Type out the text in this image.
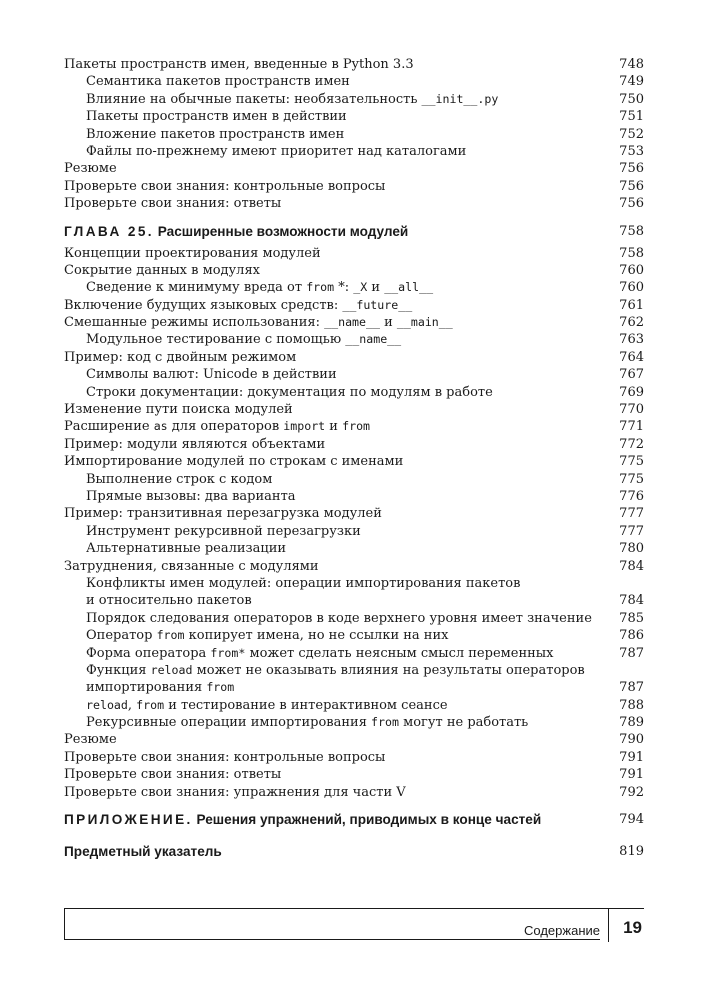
Пакеты пространств имен, введенные в Python 3.3	748
Семантика пакетов пространств имен	749
Влияние на обычные пакеты: необязательность __init__.py	750
Пакеты пространств имен в действии	751
Вложение пакетов пространств имен	752
Файлы по-прежнему имеют приоритет над каталогами	753
Резюме	756
Проверьте свои знания: контрольные вопросы	756
Проверьте свои знания: ответы	756
ГЛАВА 25. Расширенные возможности модулей	758
Концепции проектирования модулей	758
Сокрытие данных в модулях	760
Сведение к минимуму вреда от from *: _X и __all__	760
Включение будущих языковых средств: __future__	761
Смешанные режимы использования: __name__ и __main__	762
Модульное тестирование с помощью __name__	763
Пример: код с двойным режимом	764
Символы валют: Unicode в действии	767
Строки документации: документация по модулям в работе	769
Изменение пути поиска модулей	770
Расширение as для операторов import и from	771
Пример: модули являются объектами	772
Импортирование модулей по строкам с именами	775
Выполнение строк с кодом	775
Прямые вызовы: два варианта	776
Пример: транзитивная перезагрузка модулей	777
Инструмент рекурсивной перезагрузки	777
Альтернативные реализации	780
Затруднения, связанные с модулями	784
Конфликты имен модулей: операции импортирования пакетов
и относительно пакетов	784
Порядок следования операторов в коде верхнего уровня имеет значение 785
Оператор from копирует имена, но не ссылки на них	786
Форма оператора from* может сделать неясным смысл переменных	787
Функция reload может не оказывать влияния на результаты операторов
импортирования from	787
reload, from и тестирование в интерактивном сеансе	788
Рекурсивные операции импортирования from могут не работать	789
Резюме	790
Проверьте свои знания: контрольные вопросы	791
Проверьте свои знания: ответы	791
Проверьте свои знания: упражнения для части V	792
ПРИЛОЖЕНИЕ. Решения упражнений, приводимых в конце частей	794
Предметный указатель	819
Содержание 19
